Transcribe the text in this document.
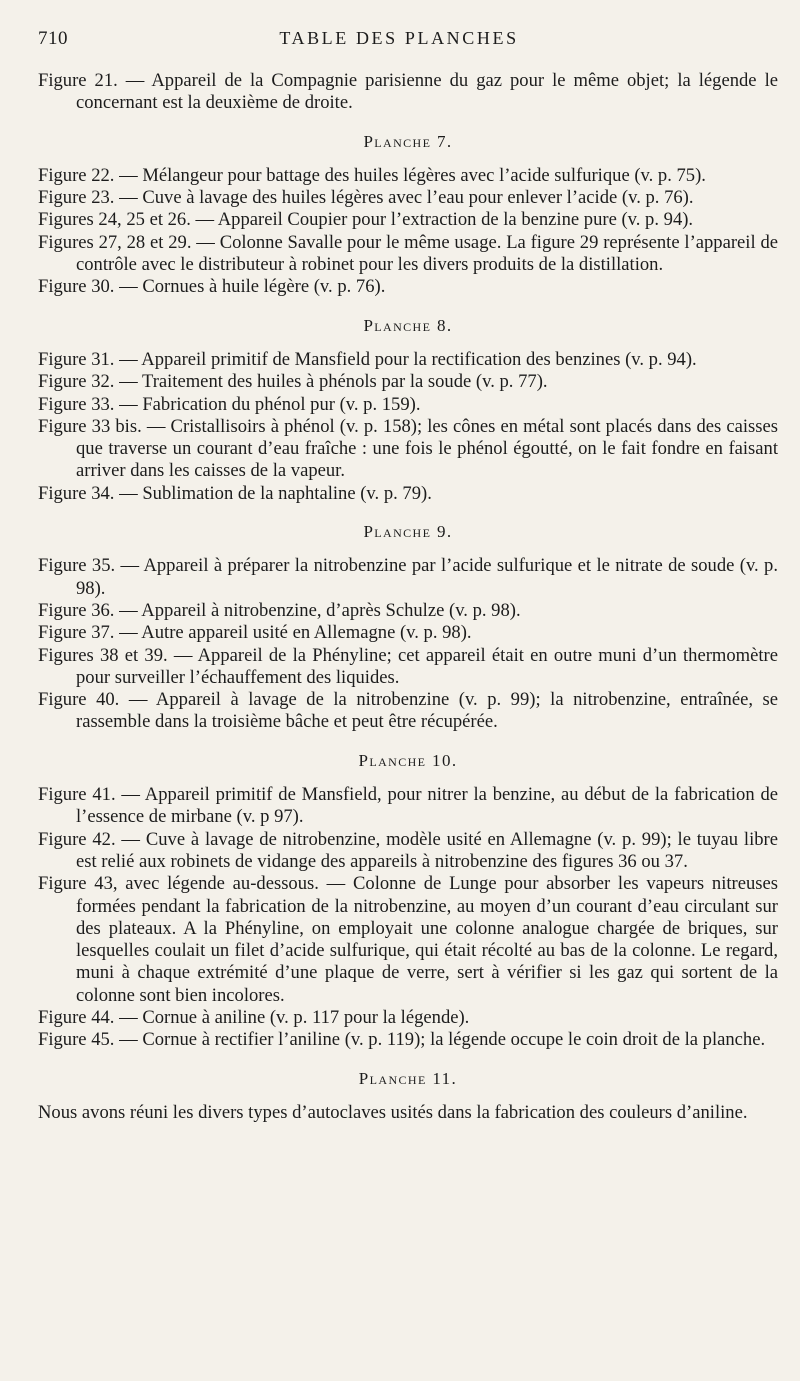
710	TABLE DES PLANCHES

Figure 21. — Appareil de la Compagnie parisienne du gaz pour le même objet; la légende le concernant est la deuxième de droite.

Planche 7.

Figure 22. — Mélangeur pour battage des huiles légères avec l’acide sulfurique (v. p. 75).

Figure 23. — Cuve à lavage des huiles légères avec l’eau pour enlever l’acide (v. p. 76).

Figures 24, 25 et 26. — Appareil Coupier pour l’extraction de la benzine pure (v. p. 94).

Figures 27, 28 et 29. — Colonne Savalle pour le même usage. La figure 29 représente l’appareil de contrôle avec le distributeur à robinet pour les divers produits de la distillation.

Figure 30. — Cornues à huile légère (v. p. 76).

Planche 8.

Figure 31. — Appareil primitif de Mansfield pour la rectification des benzines (v. p. 94).

Figure 32. — Traitement des huiles à phénols par la soude (v. p. 77).

Figure 33. — Fabrication du phénol pur (v. p. 159).

Figure 33 bis. — Cristallisoirs à phénol (v. p. 158); les cônes en métal sont placés dans des caisses que traverse un courant d’eau fraîche : une fois le phénol égoutté, on le fait fondre en faisant arriver dans les caisses de la vapeur.

Figure 34. — Sublimation de la naphtaline (v. p. 79).

Planche 9.

Figure 35. — Appareil à préparer la nitrobenzine par l’acide sulfurique et le nitrate de soude (v. p. 98).

Figure 36. — Appareil à nitrobenzine, d’après Schulze (v. p. 98).

Figure 37. — Autre appareil usité en Allemagne (v. p. 98).

Figures 38 et 39. — Appareil de la Phényline; cet appareil était en outre muni d’un thermomètre pour surveiller l’échauffement des liquides.

Figure 40. — Appareil à lavage de la nitrobenzine (v. p. 99); la nitrobenzine, entraînée, se rassemble dans la troisième bâche et peut être récupérée.

Planche 10.

Figure 41. — Appareil primitif de Mansfield, pour nitrer la benzine, au début de la fabrication de l’essence de mirbane (v. p 97).

Figure 42. — Cuve à lavage de nitrobenzine, modèle usité en Allemagne (v. p. 99); le tuyau libre est relié aux robinets de vidange des appareils à nitrobenzine des figures 36 ou 37.

Figure 43, avec légende au-dessous. — Colonne de Lunge pour absorber les vapeurs nitreuses formées pendant la fabrication de la nitrobenzine, au moyen d’un courant d’eau circulant sur des plateaux. A la Phényline, on employait une colonne analogue chargée de briques, sur lesquelles coulait un filet d’acide sulfurique, qui était récolté au bas de la colonne. Le regard, muni à chaque extrémité d’une plaque de verre, sert à vérifier si les gaz qui sortent de la colonne sont bien incolores.

Figure 44. — Cornue à aniline (v. p. 117 pour la légende).

Figure 45. — Cornue à rectifier l’aniline (v. p. 119); la légende occupe le coin droit de la planche.

Planche 11.

Nous avons réuni les divers types d’autoclaves usités dans la fabrication des couleurs d’aniline.
